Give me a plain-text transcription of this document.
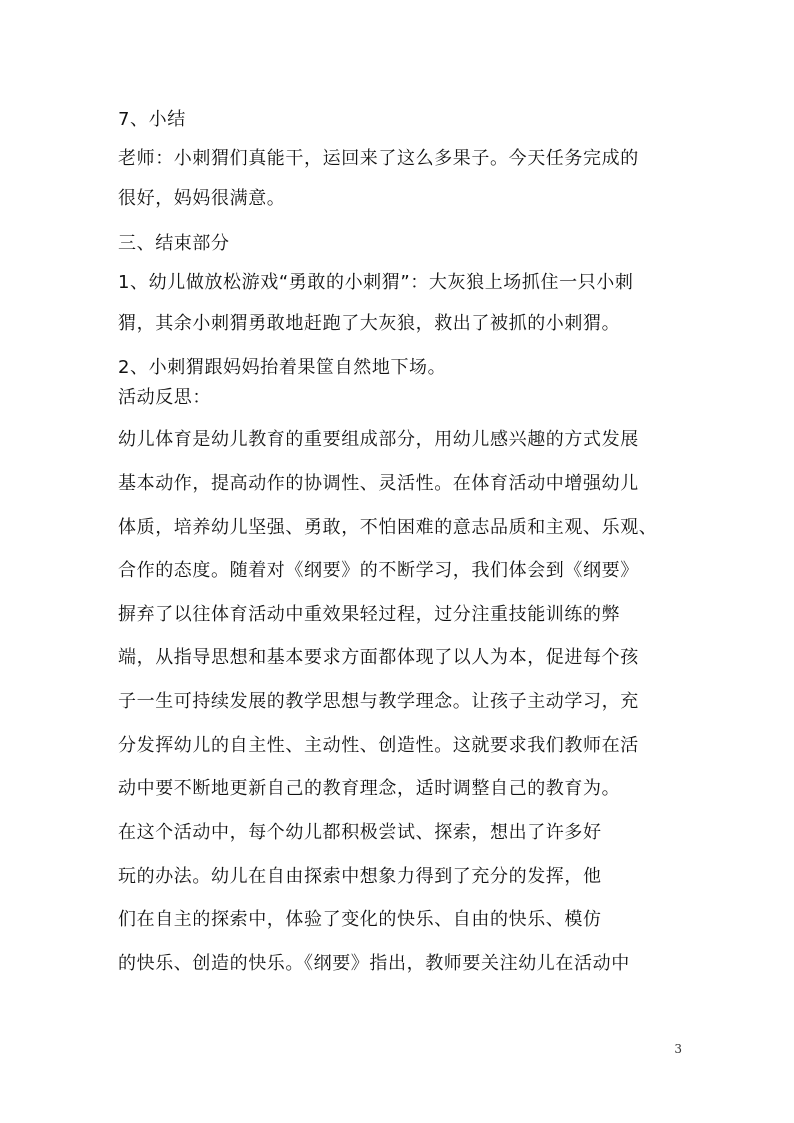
7、小结
老师：小刺猬们真能干，运回来了这么多果子。今天任务完成的
很好，妈妈很满意。
三、结束部分
1、幼儿做放松游戏“勇敢的小刺猬”：大灰狼上场抓住一只小刺
猬，其余小刺猬勇敢地赶跑了大灰狼，救出了被抓的小刺猬。
2、小刺猬跟妈妈抬着果筐自然地下场。
活动反思：
幼儿体育是幼儿教育的重要组成部分，用幼儿感兴趣的方式发展
基本动作，提高动作的协调性、灵活性。在体育活动中增强幼儿
体质，培养幼儿坚强、勇敢，不怕困难的意志品质和主观、乐观、
合作的态度。随着对《纲要》的不断学习，我们体会到《纲要》
摒弃了以往体育活动中重效果轻过程，过分注重技能训练的弊
端，从指导思想和基本要求方面都体现了以人为本，促进每个孩
子一生可持续发展的教学思想与教学理念。让孩子主动学习，充
分发挥幼儿的自主性、主动性、创造性。这就要求我们教师在活
动中要不断地更新自己的教育理念，适时调整自己的教育为。
在这个活动中，每个幼儿都积极尝试、探索，想出了许多好
玩的办法。幼儿在自由探索中想象力得到了充分的发挥，他
们在自主的探索中，体验了变化的快乐、自由的快乐、模仿
的快乐、创造的快乐。《纲要》指出，教师要关注幼儿在活动中
3
